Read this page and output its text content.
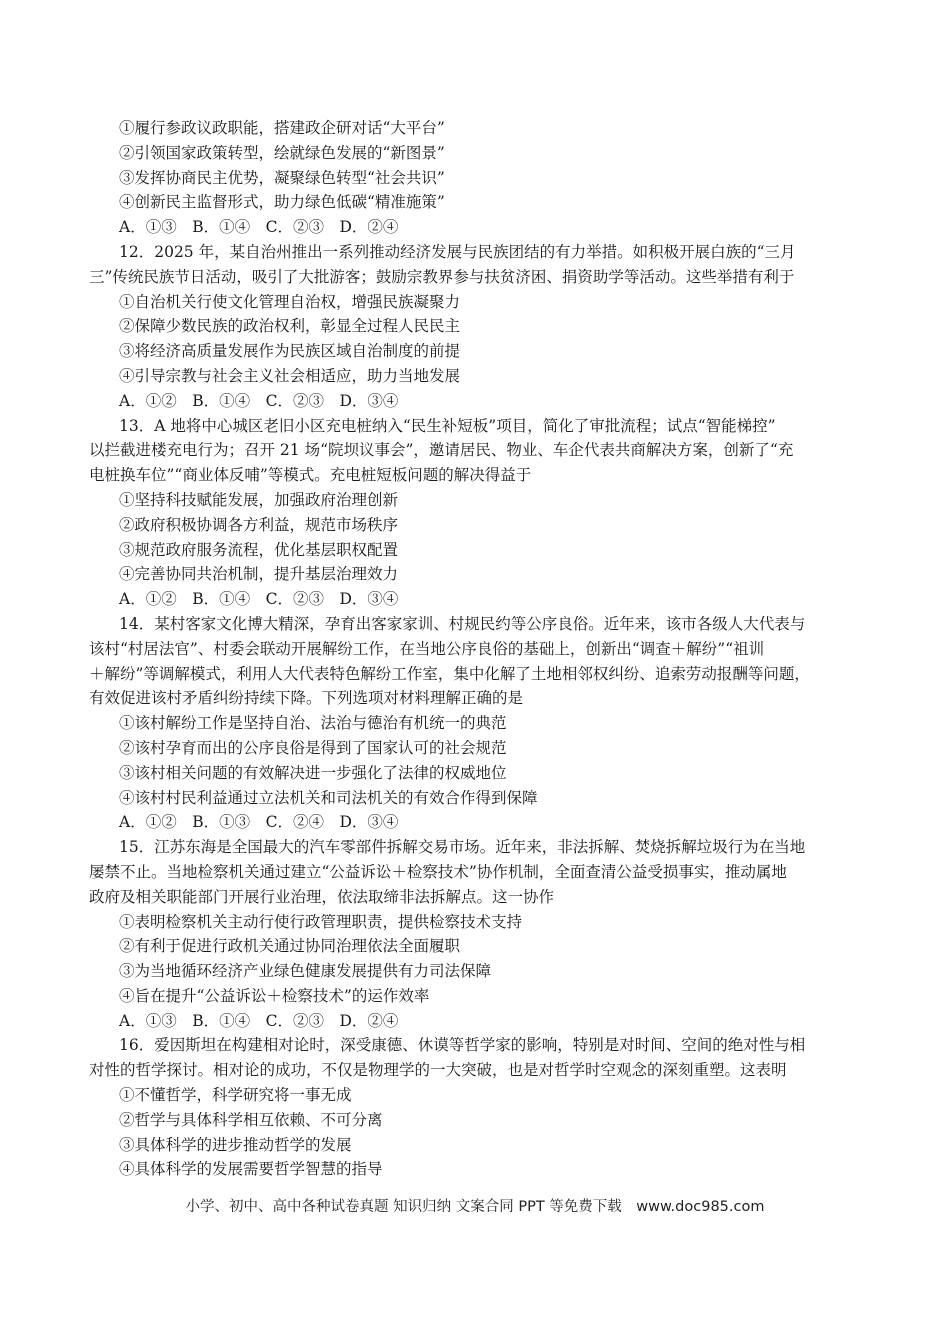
①履行参政议政职能，搭建政企研对话“大平台”
②引领国家政策转型，绘就绿色发展的“新图景”
③发挥协商民主优势，凝聚绿色转型“社会共识”
④创新民主监督形式，助力绿色低碳“精准施策”
A．①③　B．①④　C．②③　D．②④
12．2025 年，某自治州推出一系列推动经济发展与民族团结的有力举措。如积极开展白族的“三月
三”传统民族节日活动，吸引了大批游客；鼓励宗教界参与扶贫济困、捐资助学等活动。这些举措有利于
①自治机关行使文化管理自治权，增强民族凝聚力
②保障少数民族的政治权利，彰显全过程人民民主
③将经济高质量发展作为民族区域自治制度的前提
④引导宗教与社会主义社会相适应，助力当地发展
A．①②　B．①④　C．②③　D．③④
13．A 地将中心城区老旧小区充电桩纳入“民生补短板”项目，简化了审批流程；试点“智能梯控”
以拦截进楼充电行为；召开 21 场“院坝议事会”，邀请居民、物业、车企代表共商解决方案，创新了“充
电桩换车位”“商业体反哺”等模式。充电桩短板问题的解决得益于
①坚持科技赋能发展，加强政府治理创新
②政府积极协调各方利益，规范市场秩序
③规范政府服务流程，优化基层职权配置
④完善协同共治机制，提升基层治理效力
A．①②　B．①④　C．②③　D．③④
14．某村客家文化博大精深，孕育出客家家训、村规民约等公序良俗。近年来，该市各级人大代表与
该村“村居法官”、村委会联动开展解纷工作，在当地公序良俗的基础上，创新出“调查＋解纷”“祖训
＋解纷”等调解模式，利用人大代表特色解纷工作室，集中化解了土地相邻权纠纷、追索劳动报酬等问题，
有效促进该村矛盾纠纷持续下降。下列选项对材料理解正确的是
①该村解纷工作是坚持自治、法治与德治有机统一的典范
②该村孕育而出的公序良俗是得到了国家认可的社会规范
③该村相关问题的有效解决进一步强化了法律的权威地位
④该村村民利益通过立法机关和司法机关的有效合作得到保障
A．①②　B．①③　C．②④　D．③④
15．江苏东海是全国最大的汽车零部件拆解交易市场。近年来，非法拆解、焚烧拆解垃圾行为在当地
屡禁不止。当地检察机关通过建立“公益诉讼＋检察技术”协作机制，全面查清公益受损事实，推动属地
政府及相关职能部门开展行业治理，依法取缔非法拆解点。这一协作
①表明检察机关主动行使行政管理职责，提供检察技术支持
②有利于促进行政机关通过协同治理依法全面履职
③为当地循环经济产业绿色健康发展提供有力司法保障
④旨在提升“公益诉讼＋检察技术”的运作效率
A．①③　B．①④　C．②③　D．②④
16．爱因斯坦在构建相对论时，深受康德、休谟等哲学家的影响，特别是对时间、空间的绝对性与相
对性的哲学探讨。相对论的成功，不仅是物理学的一大突破，也是对哲学时空观念的深刻重塑。这表明
①不懂哲学，科学研究将一事无成
②哲学与具体科学相互依赖、不可分离
③具体科学的进步推动哲学的发展
④具体科学的发展需要哲学智慧的指导
小学、初中、高中各种试卷真题 知识归纳 文案合同 PPT 等免费下载　www.doc985.com
